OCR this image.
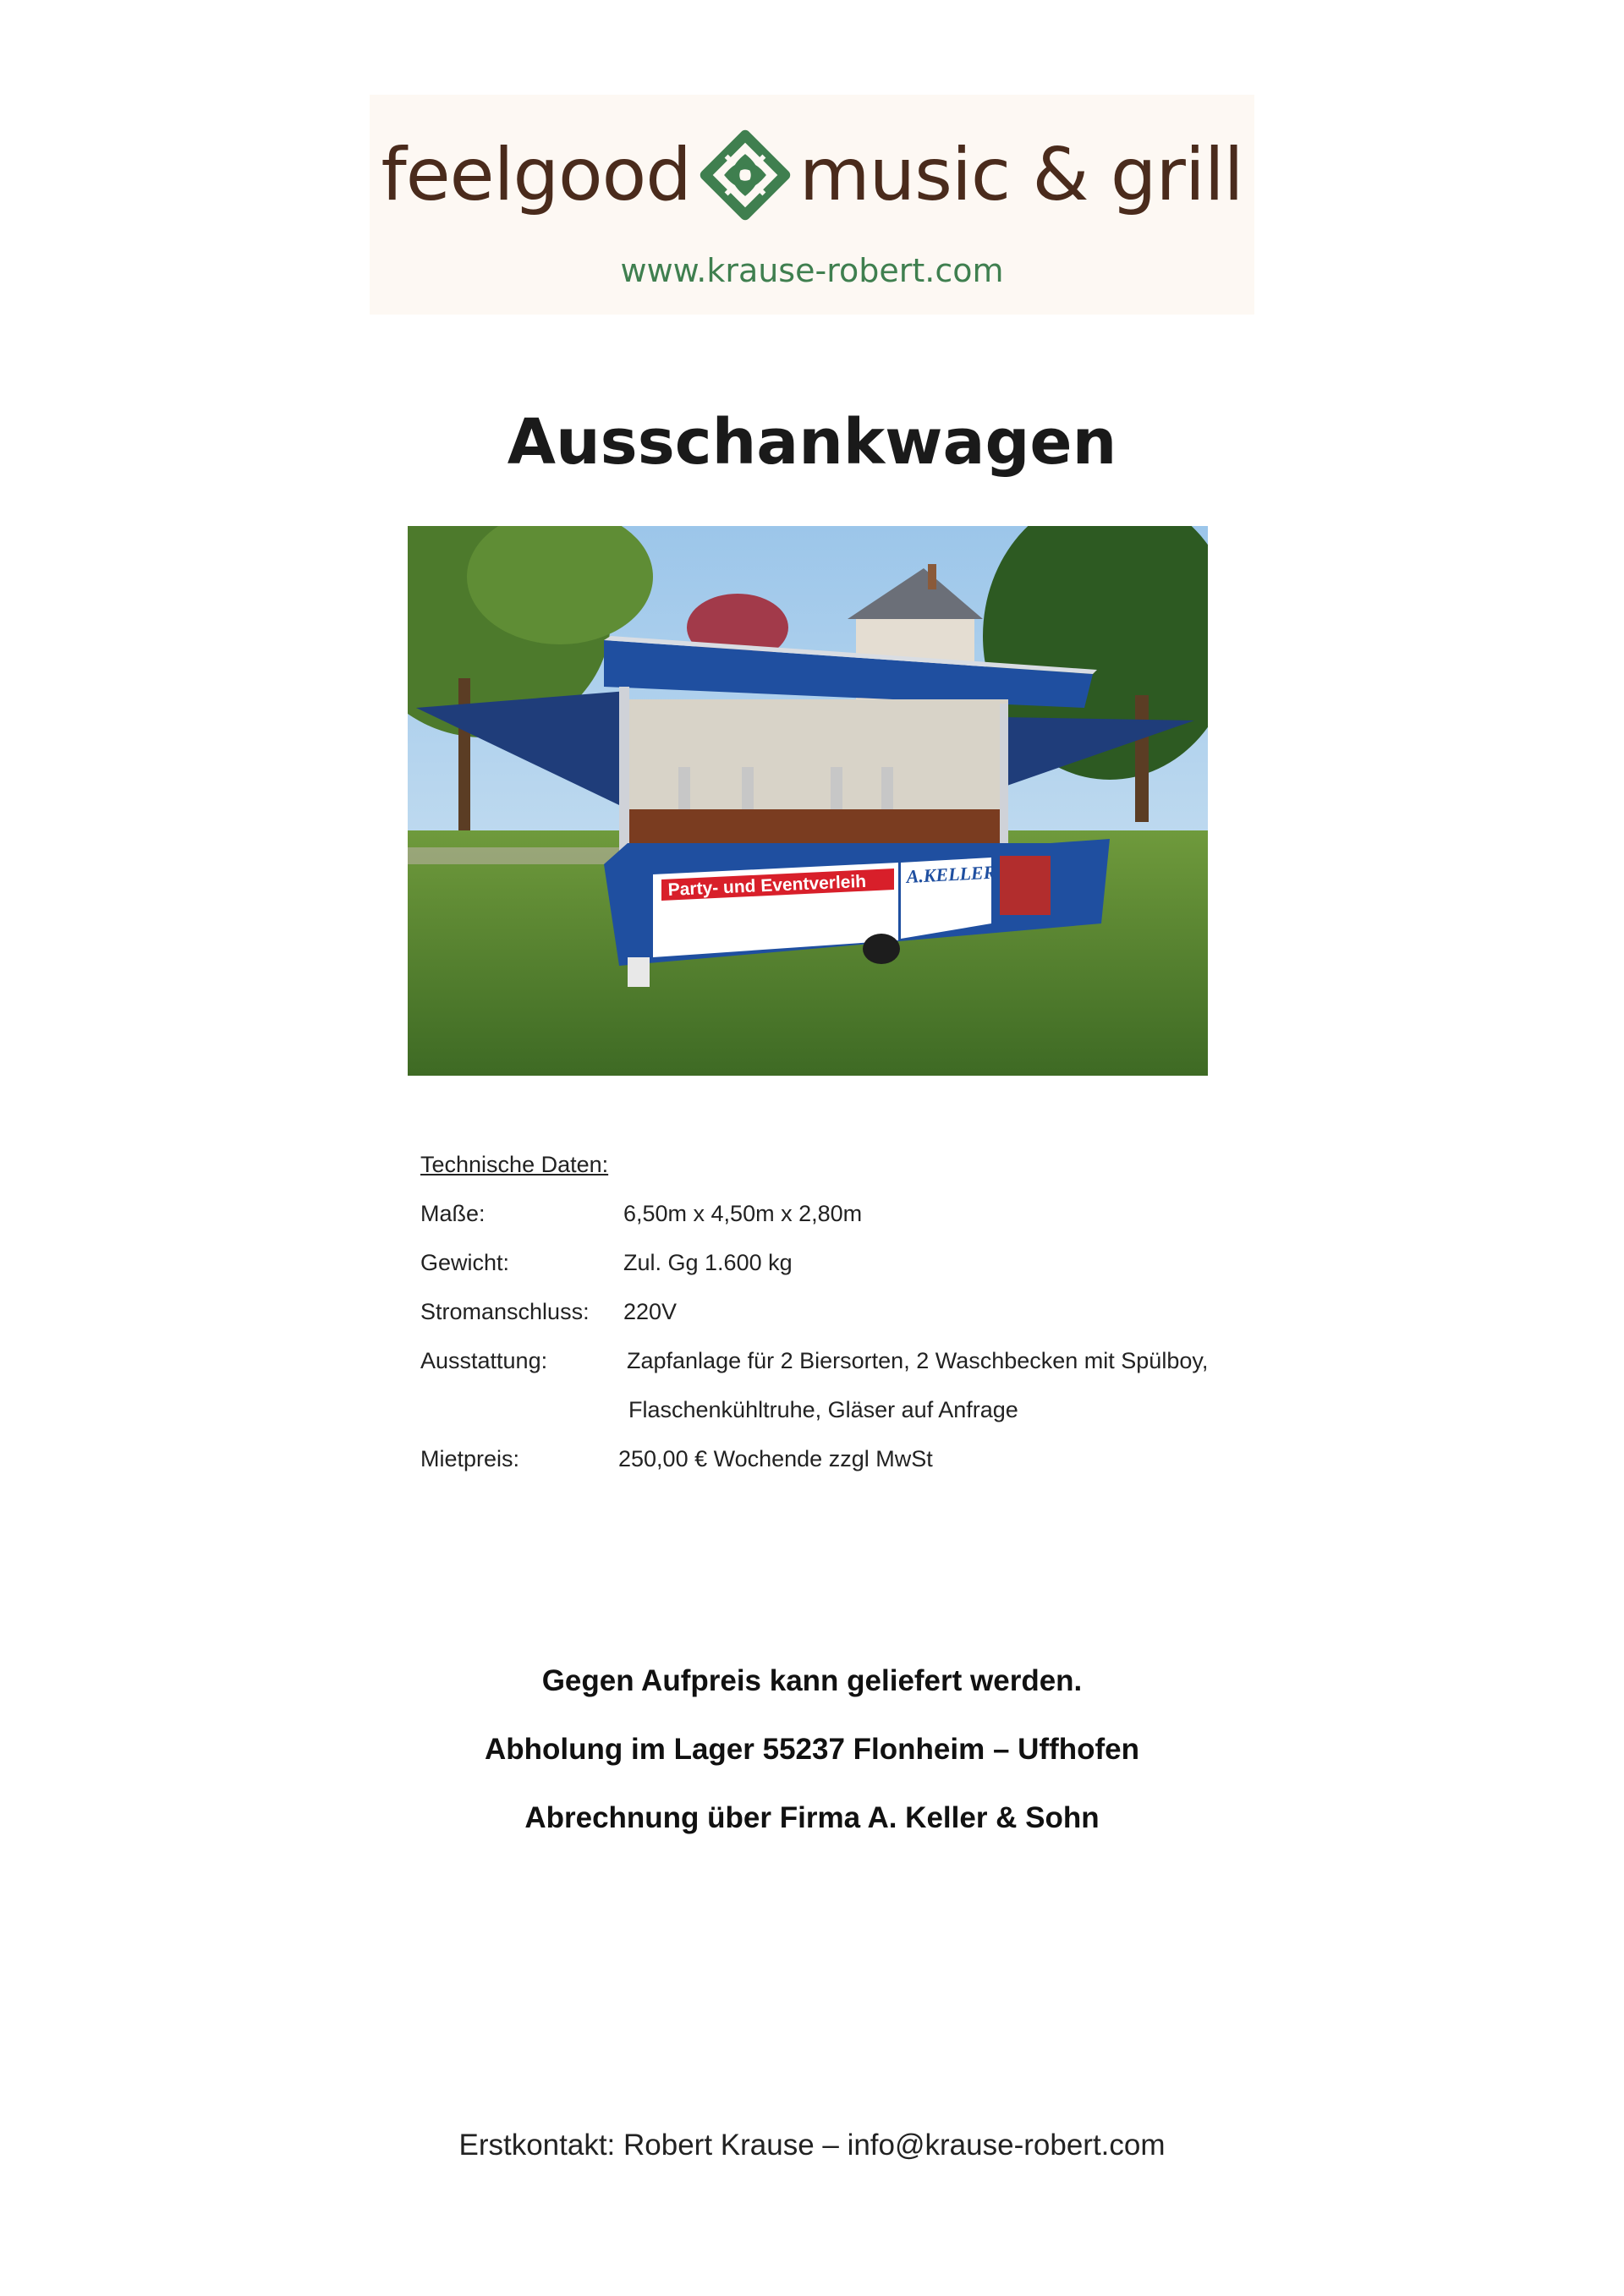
feelgood music & grill
www.krause-robert.com
Ausschankwagen
Party- und Eventverleih A.KELLER
Technische Daten:
Maße:	6,50m x 4,50m x 2,80m
Gewicht:	Zul. Gg 1.600 kg
Stromanschluss:	220V
Ausstattung:	Zapfanlage für 2 Biersorten, 2 Waschbecken mit Spülboy,
Flaschenkühltruhe, Gläser auf Anfrage
Mietpreis:	250,00 € Wochende zzgl MwSt
Gegen Aufpreis kann geliefert werden.
Abholung im Lager 55237 Flonheim – Uffhofen
Abrechnung über Firma A. Keller & Sohn
Erstkontakt: Robert Krause – info@krause-robert.com
